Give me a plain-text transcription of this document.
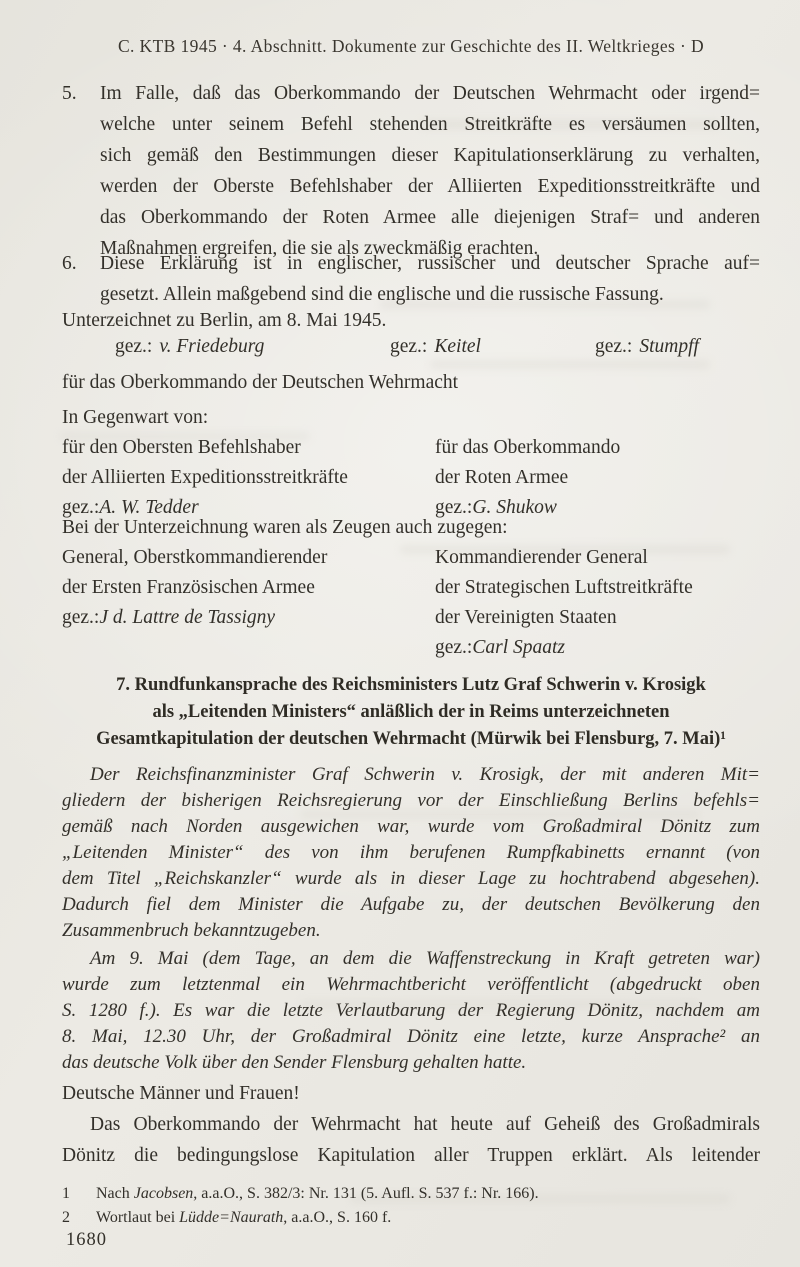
C. KTB 1945 · 4. Abschnitt. Dokumente zur Geschichte des II. Weltkrieges · D
5.	Im Falle, daß das Oberkommando der Deutschen Wehrmacht oder irgend=
welche unter seinem Befehl stehenden Streitkräfte es versäumen sollten,
sich gemäß den Bestimmungen dieser Kapitulationserklärung zu verhalten,
werden der Oberste Befehlshaber der Alliierten Expeditionsstreitkräfte und
das Oberkommando der Roten Armee alle diejenigen Straf= und anderen
Maßnahmen ergreifen, die sie als zweckmäßig erachten.
6.	Diese Erklärung ist in englischer, russischer und deutscher Sprache auf=
gesetzt. Allein maßgebend sind die englische und die russische Fassung.
Unterzeichnet zu Berlin, am 8. Mai 1945.
gez.: v. Friedeburg	gez.: Keitel	gez.: Stumpff
für das Oberkommando der Deutschen Wehrmacht
In Gegenwart von:
für den Obersten Befehlshaber
der Alliierten Expeditionsstreitkräfte
gez.:A. W. Tedder
für das Oberkommando
der Roten Armee
gez.:G. Shukow
Bei der Unterzeichnung waren als Zeugen auch zugegen:
General, Oberstkommandierender
der Ersten Französischen Armee
gez.:J d. Lattre de Tassigny
Kommandierender General
der Strategischen Luftstreitkräfte
der Vereinigten Staaten
gez.:Carl Spaatz
7. Rundfunkansprache des Reichsministers Lutz Graf Schwerin v. Krosigk
als „Leitenden Ministers“ anläßlich der in Reims unterzeichneten
Gesamtkapitulation der deutschen Wehrmacht (Mürwik bei Flensburg, 7. Mai)¹
Der Reichsfinanzminister Graf Schwerin v. Krosigk, der mit anderen Mit=
gliedern der bisherigen Reichsregierung vor der Einschließung Berlins befehls=
gemäß nach Norden ausgewichen war, wurde vom Großadmiral Dönitz zum
„Leitenden Minister“ des von ihm berufenen Rumpfkabinetts ernannt (von
dem Titel „Reichskanzler“ wurde als in dieser Lage zu hochtrabend abgesehen).
Dadurch fiel dem Minister die Aufgabe zu, der deutschen Bevölkerung den
Zusammenbruch bekanntzugeben.
Am 9. Mai (dem Tage, an dem die Waffenstreckung in Kraft getreten war)
wurde zum letztenmal ein Wehrmachtbericht veröffentlicht (abgedruckt oben
S. 1280 f.). Es war die letzte Verlautbarung der Regierung Dönitz, nachdem am
8. Mai, 12.30 Uhr, der Großadmiral Dönitz eine letzte, kurze Ansprache² an
das deutsche Volk über den Sender Flensburg gehalten hatte.
Deutsche Männer und Frauen!
Das Oberkommando der Wehrmacht hat heute auf Geheiß des Großadmirals
Dönitz die bedingungslose Kapitulation aller Truppen erklärt. Als leitender
1	Nach Jacobsen, a.a.O., S. 382/3: Nr. 131 (5. Aufl. S. 537 f.: Nr. 166).
2	Wortlaut bei Lüdde=Naurath, a.a.O., S. 160 f.
1680
